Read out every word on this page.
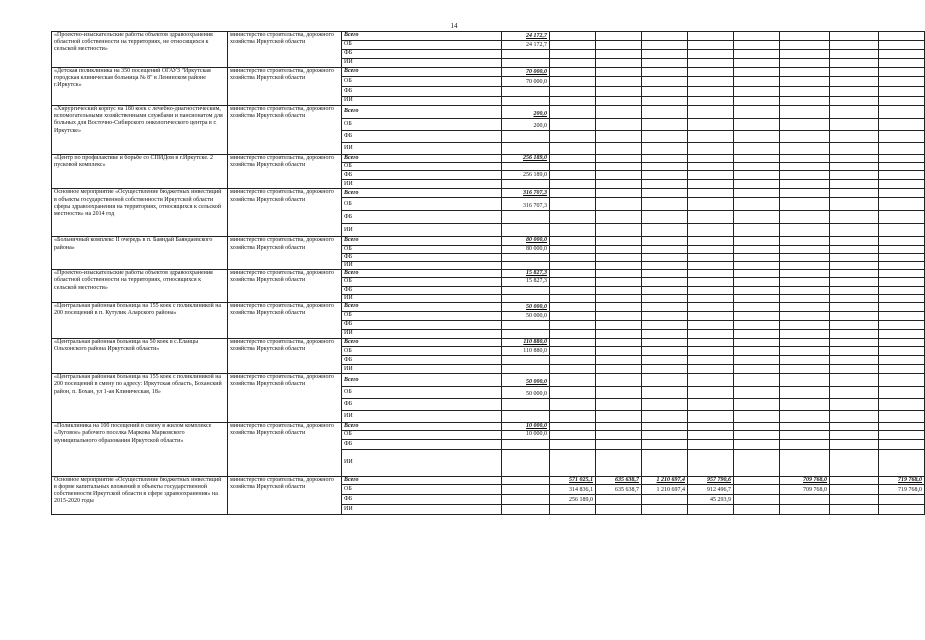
14
«Проектно-изыскательские работы объектов здравоохранения областной собственности на территориях, не относящихся к сельской местности»	министерство строительства, дорожного хозяйства Иркутской области	Всего	24 172,7								
		ОБ	24 172,7								
		ФБ									
		ИИ									
«Детская поликлиника на 350 посещений ОГАУЗ "Иркутская городская клиническая больница № 8" в Ленинском районе г.Иркутск»	министерство строительства, дорожного хозяйства Иркутской области	Всего	70 000,0								
		ОБ	70 000,0								
		ФБ									
		ИИ									
«Хирургический корпус на 180 коек с лечебно-диагностическим, вспомогательными хозяйственными службами и пансионатом для больных для Восточно-Сибирского онкологического центра в г. Иркутске»	министерство строительства, дорожного хозяйства Иркутской области	Всего	200,0								
		ОБ	200,0								
		ФБ									
		ИИ									
«Центр по профилактике и борьбе со СПИДом в г.Иркутске. 2 пусковой комплекс»	министерство строительства, дорожного хозяйства Иркутской области	Всего	256 189,0								
		ОБ									
		ФБ	256 189,0								
		ИИ									
Основное мероприятие «Осуществление бюджетных инвестиций в объекты государственной собственности Иркутской области сферы здравоохранения на территориях, относящихся к сельской местности» на 2014 год	министерство строительства, дорожного хозяйства Иркутской области	Всего	316 707,3								
		ОБ	316 707,3								
		ФБ									
		ИИ									
«Больничный комплекс II очередь в п. Баяндай Баяндаевского района»	министерство строительства, дорожного хозяйства Иркутской области	Всего	80 000,0								
		ОБ	80 000,0								
		ФБ									
		ИИ									
«Проектно-изыскательские работы объектов здравоохранения областной собственности на территориях, относящихся к сельской местности»	министерство строительства, дорожного хозяйства Иркутской области	Всего	15 827,3								
		ОБ	15 827,3								
		ФБ									
		ИИ									
«Центральная районная больница на 155 коек с поликлиникой на 200 посещений в п. Кутулик Аларского района»	министерство строительства, дорожного хозяйства Иркутской области	Всего	50 000,0								
		ОБ	50 000,0								
		ФБ									
		ИИ									
«Центральная районная больница на 50 коек в с.Еланцы Ольхонского района Иркутской области»	министерство строительства, дорожного хозяйства Иркутской области	Всего	110 880,0								
		ОБ	110 880,0								
		ФБ									
		ИИ									
«Центральная районная больница на 155 коек с поликлиникой на 200 посещений в смену по адресу: Иркутская область, Боханский район, п. Бохан, ул 1-ая Клиническая, 18»	министерство строительства, дорожного хозяйства Иркутской области	Всего	50 000,0								
		ОБ	50 000,0								
		ФБ									
		ИИ									
«Поликлиника на 100 посещений в смену в жилом комплексе «Луговое» рабочего поселка Маркова Марковского муниципального образования Иркутской области»	министерство строительства, дорожного хозяйства Иркутской области	Всего	10 000,0								
		ОБ	10 000,0								
		ФБ									
		ИИ									
Основное мероприятие «Осуществление бюджетных инвестиций в форме капитальных вложений в объекты государственной собственности Иркутской области в сфере здравоохранения» на 2015-2020 годы	министерство строительства, дорожного хозяйства Иркутской области	Всего		571 025,1	635 638,7	1 210 697,4	957 790,6		709 768,0		719 768,0
		ОБ		314 836,1	635 638,7	1 210 697,4	912 496,7		709 768,0		719 768,0
		ФБ		256 189,0			45 293,9				
		ИИ									
